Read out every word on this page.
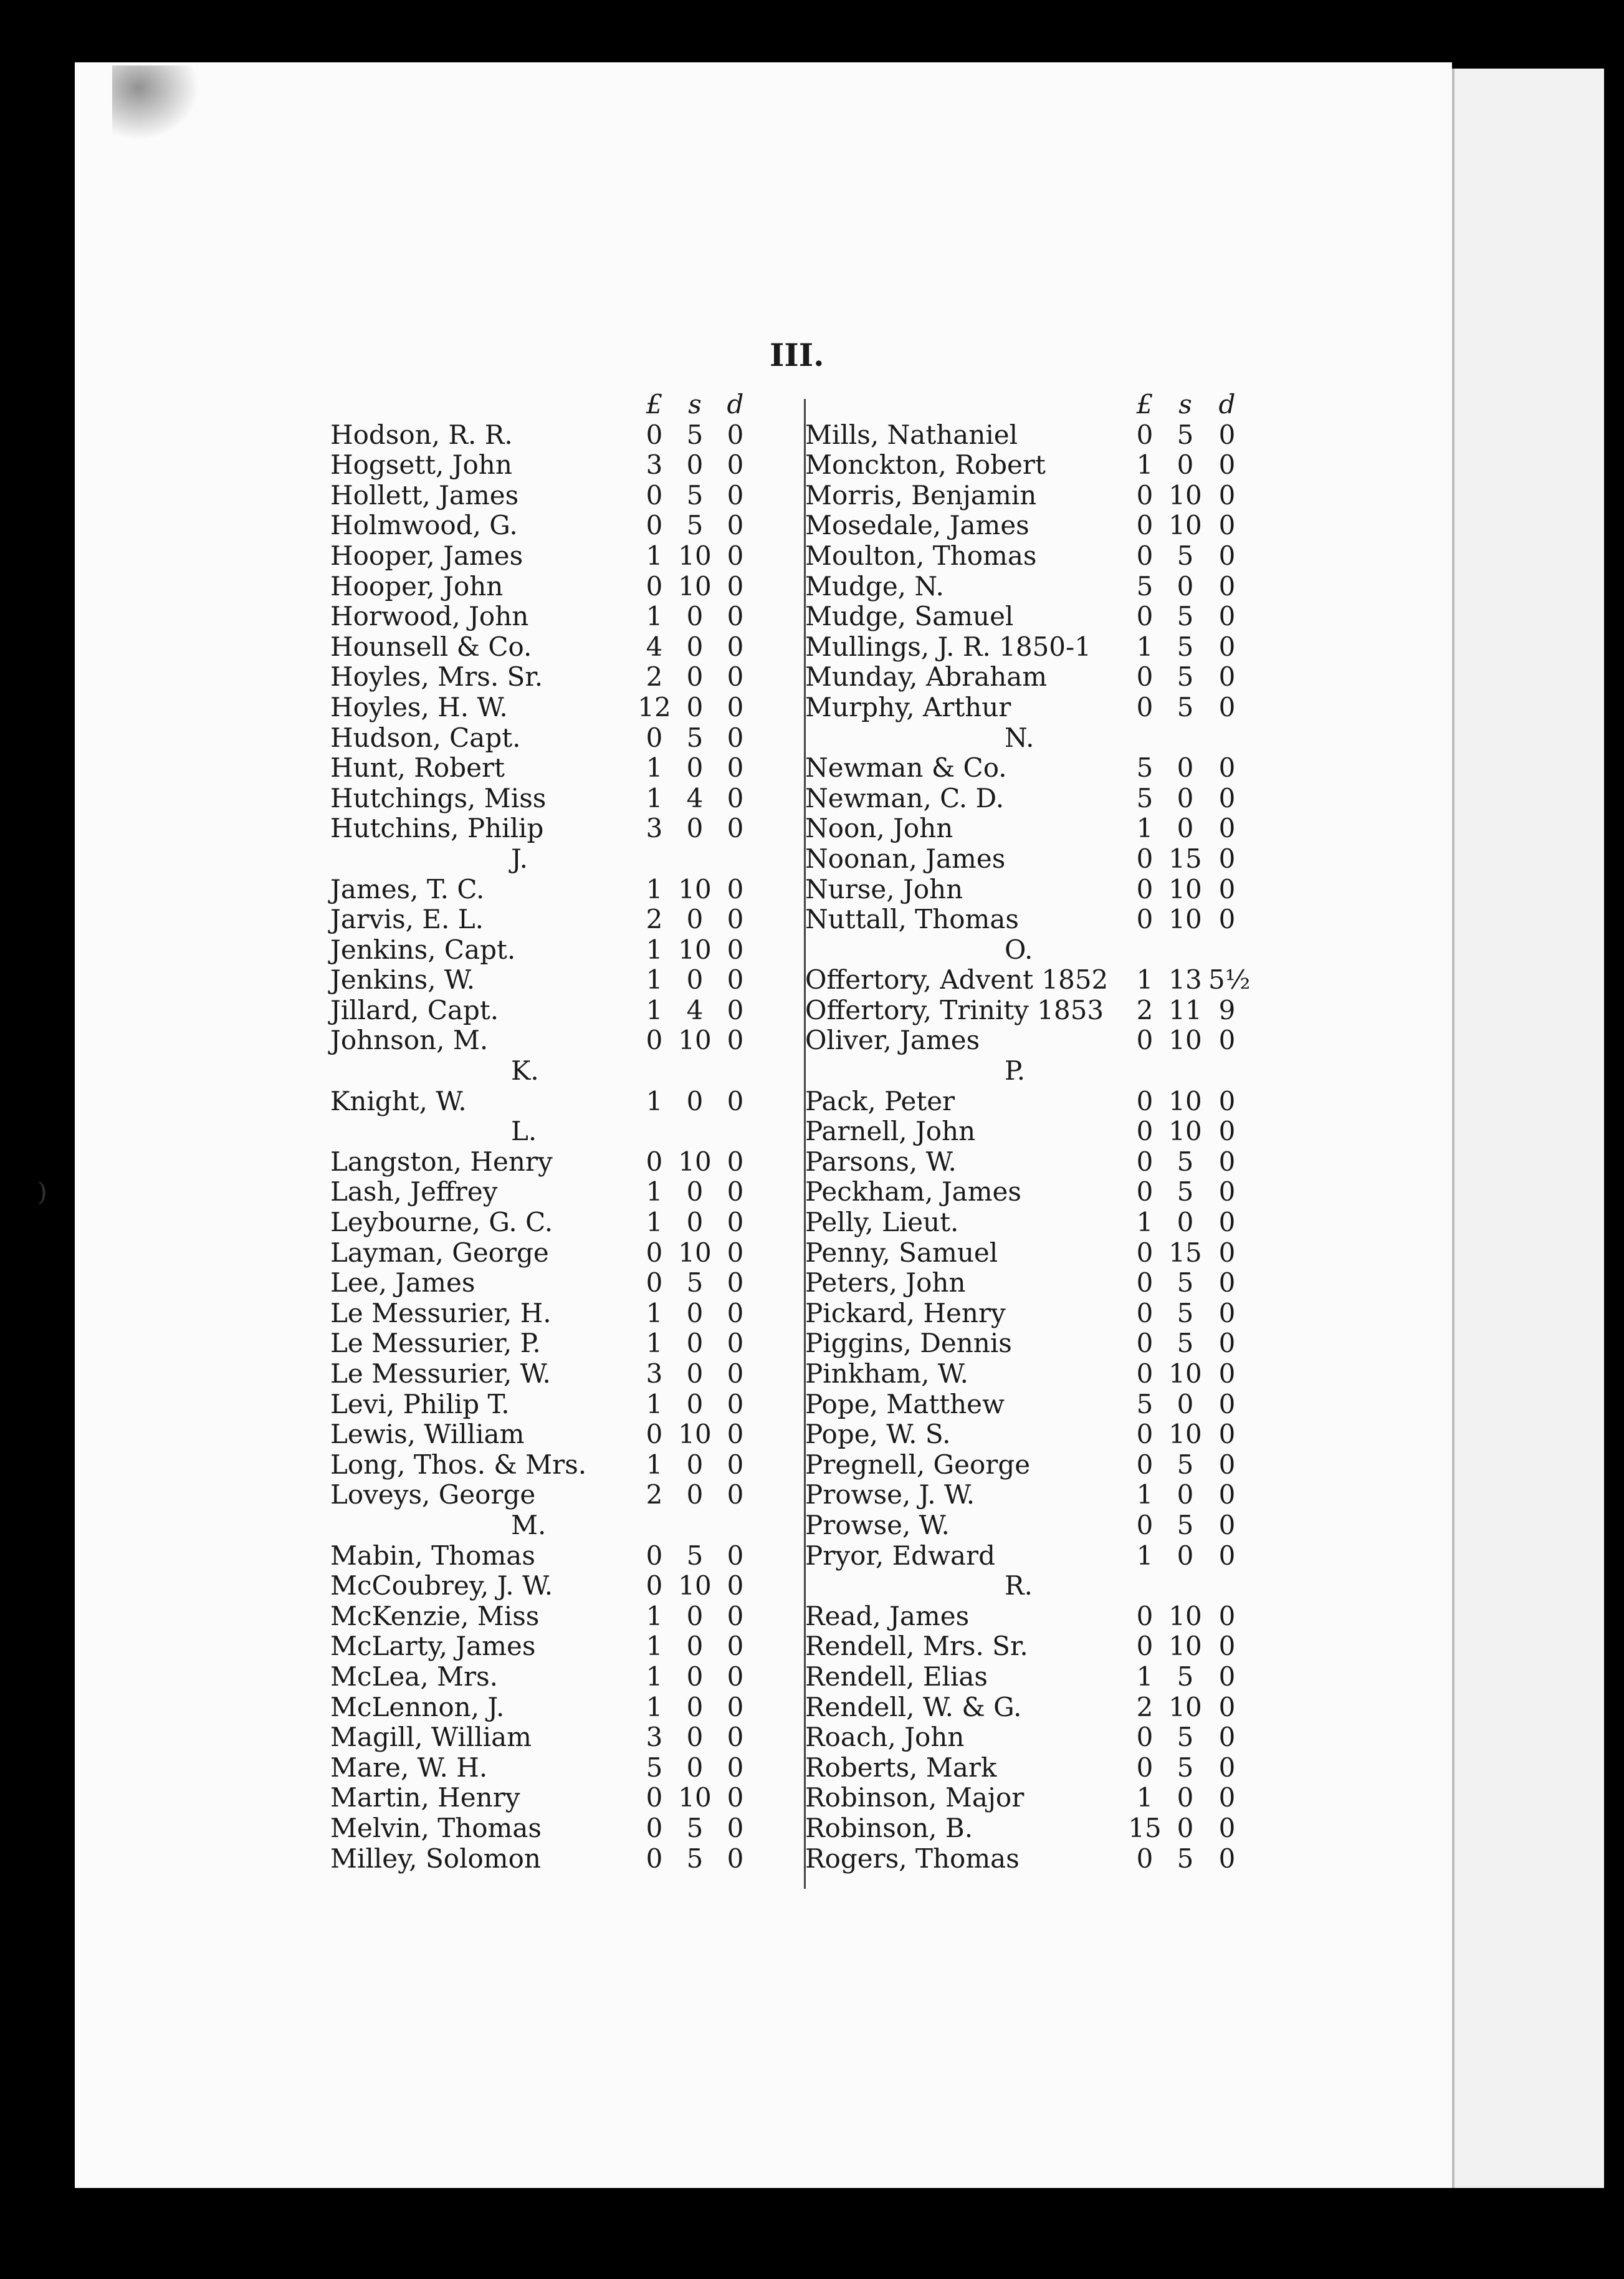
III.
£ s d
Hodson, R. R.	0 5 0
Hogsett, John	3 0 0
Hollett, James	0 5 0
Holmwood, G.	0 5 0
Hooper, James	1 10 0
Hooper, John	0 10 0
Horwood, John	1 0 0
Hounsell & Co.	4 0 0
Hoyles, Mrs. Sr.	2 0 0
Hoyles, H. W.	12 0 0
Hudson, Capt.	0 5 0
Hunt, Robert	1 0 0
Hutchings, Miss	1 4 0
Hutchins, Philip	3 0 0
J.
James, T. C.	1 10 0
Jarvis, E. L.	2 0 0
Jenkins, Capt.	1 10 0
Jenkins, W.	1 0 0
Jillard, Capt.	1 4 0
Johnson, M.	0 10 0
K.
Knight, W.	1 0 0
L.
Langston, Henry	0 10 0
Lash, Jeffrey	1 0 0
Leybourne, G. C.	1 0 0
Layman, George	0 10 0
Lee, James	0 5 0
Le Messurier, H.	1 0 0
Le Messurier, P.	1 0 0
Le Messurier, W.	3 0 0
Levi, Philip T.	1 0 0
Lewis, William	0 10 0
Long, Thos. & Mrs.	1 0 0
Loveys, George	2 0 0
M.
Mabin, Thomas	0 5 0
McCoubrey, J. W.	0 10 0
McKenzie, Miss	1 0 0
McLarty, James	1 0 0
McLea, Mrs.	1 0 0
McLennon, J.	1 0 0
Magill, William	3 0 0
Mare, W. H.	5 0 0
Martin, Henry	0 10 0
Melvin, Thomas	0 5 0
Milley, Solomon	0 5 0
£ s	d
Mills, Nathaniel	0 5 0
Monckton, Robert	1 0 0
Morris, Benjamin	0 10 0
Mosedale, James	0 10 0
Moulton, Thomas	0 5 0
Mudge, N.	5 0 0
Mudge, Samuel	0 5 0
Mullings, J. R. 1850-1	1 5 0
Munday, Abraham	0 5 0
Murphy, Arthur	0 5 0
N.
Newman & Co.	5 0 0
Newman, C. D.	5 0 0
Noon, John	1 0 0
Noonan, James	0 15 0
Nurse, John	0 10 0
Nuttall, Thomas	0 10 0
O.
Offertory, Advent 1852	1 13 5½
Offertory, Trinity 1853	2 11 9
Oliver, James	0 10 0
P.
Pack, Peter	0 10 0
Parnell, John	0 10 0
Parsons, W.	0 5 0
Peckham, James	0 5 0
Pelly, Lieut.	1 0 0
Penny, Samuel	0 15 0
Peters, John	0 5 0
Pickard, Henry	0 5 0
Piggins, Dennis	0 5 0
Pinkham, W.	0 10 0
Pope, Matthew	5 0 0
Pope, W. S.	0 10 0
Pregnell, George	0 5 0
Prowse, J. W.	1 0 0
Prowse, W.	0 5 0
Pryor, Edward	1 0 0
R.
Read, James	0 10 0
Rendell, Mrs. Sr.	0 10 0
Rendell, Elias	1 5 0
Rendell, W. & G.	2 10 0
Roach, John	0 5 0
Roberts, Mark	0 5 0
Robinson, Major	1 0 0
Robinson, B.	15 0 0
Rogers, Thomas	0 5 0
)
